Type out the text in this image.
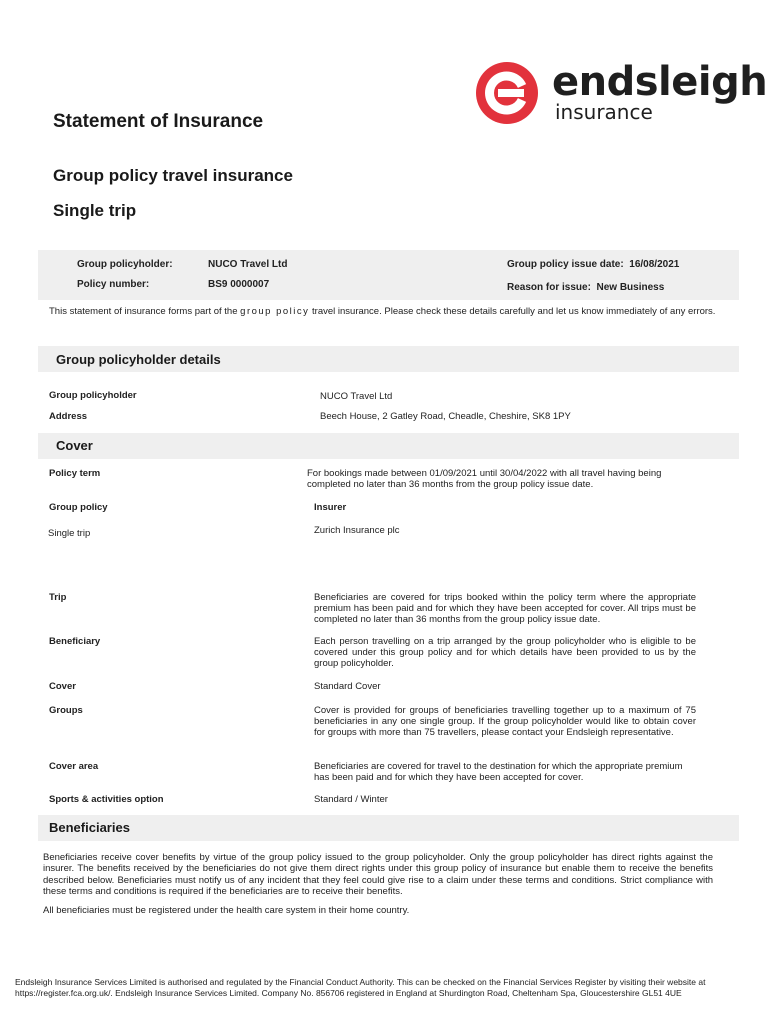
endsleigh
insurance
Statement of Insurance
Group policy travel insurance
Single trip
Group policyholder:	NUCO Travel Ltd
Policy number:	BS9 0000007
Group policy issue date: 16/08/2021
Reason for issue: New Business
This statement of insurance forms part of the group policy travel insurance. Please check these details carefully and let us know immediately of any errors.
Group policyholder details
Group policyholder	NUCO Travel Ltd
Address	Beech House, 2 Gatley Road, Cheadle, Cheshire, SK8 1PY
Cover
Policy term	For bookings made between 01/09/2021 until 30/04/2022 with all travel having being completed no later than 36 months from the group policy issue date.
Group policy	Insurer
Single trip	Zurich Insurance plc
Trip	Beneficiaries are covered for trips booked within the policy term where the appropriate premium has been paid and for which they have been accepted for cover. All trips must be completed no later than 36 months from the group policy issue date.
Beneficiary	Each person travelling on a trip arranged by the group policyholder who is eligible to be covered under this group policy and for which details have been provided to us by the group policyholder.
Cover	Standard Cover
Groups	Cover is provided for groups of beneficiaries travelling together up to a maximum of 75 beneficiaries in any one single group. If the group policyholder would like to obtain cover for groups with more than 75 travellers, please contact your Endsleigh representative.
Cover area	Beneficiaries are covered for travel to the destination for which the appropriate premium has been paid and for which they have been accepted for cover.
Sports & activities option	Standard / Winter
Beneficiaries
Beneficiaries receive cover benefits by virtue of the group policy issued to the group policyholder. Only the group policyholder has direct rights against the insurer. The benefits received by the beneficiaries do not give them direct rights under this group policy of insurance but enable them to receive the benefits described below. Beneficiaries must notify us of any incident that they feel could give rise to a claim under these terms and conditions. Strict compliance with these terms and conditions is required if the beneficiaries are to receive their benefits.
All beneficiaries must be registered under the health care system in their home country.
Endsleigh Insurance Services Limited is authorised and regulated by the Financial Conduct Authority. This can be checked on the Financial Services Register by visiting their website at https://register.fca.org.uk/. Endsleigh Insurance Services Limited. Company No. 856706 registered in England at Shurdington Road, Cheltenham Spa, Gloucestershire GL51 4UE
